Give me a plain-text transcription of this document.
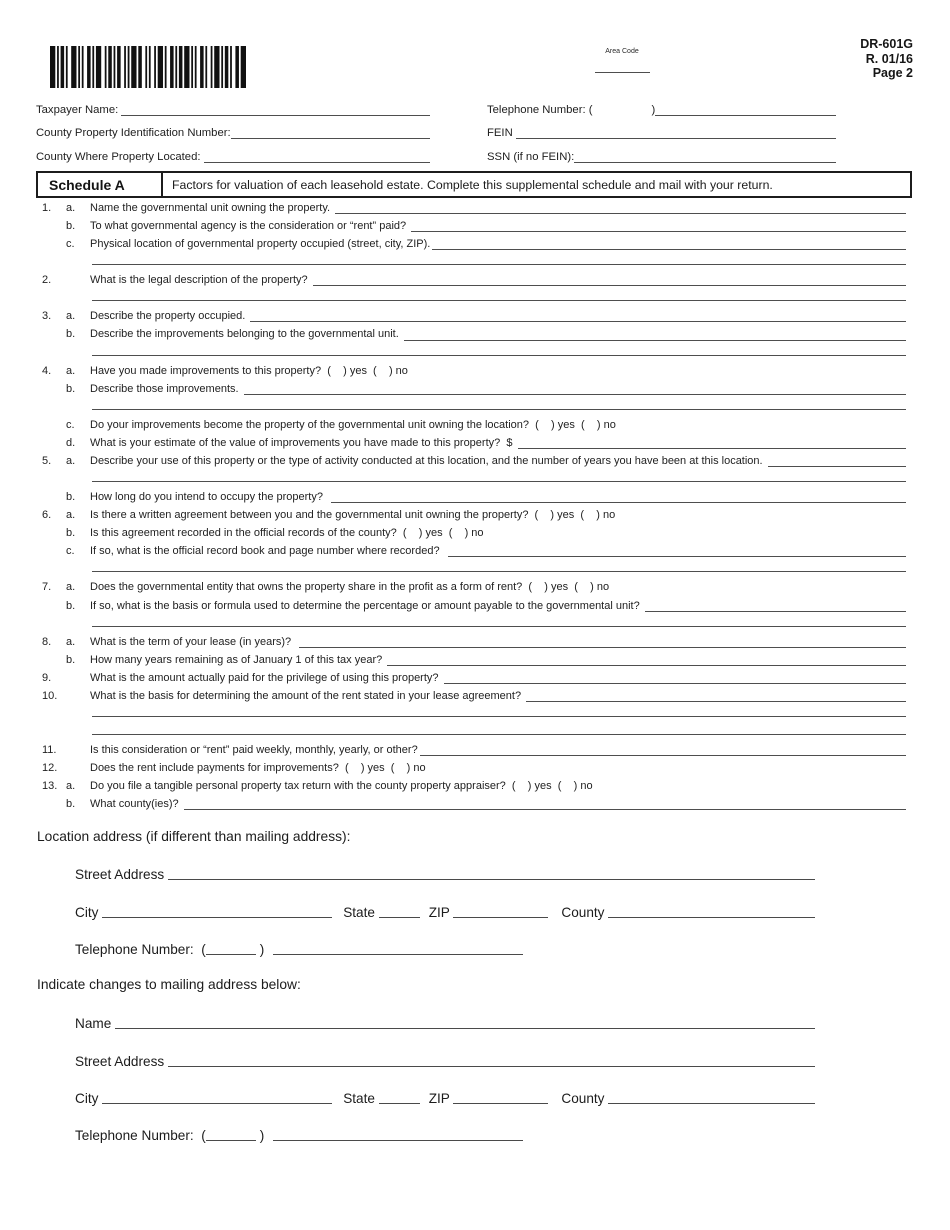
DR-601G
R. 01/16
Page 2
Taxpayer Name:
County Property Identification Number:
County Where Property Located:
Telephone Number: (

Area Code

)
FEIN
SSN (if no FEIN):
Schedule A	Factors for valuation of each leasehold estate. Complete this supplemental schedule and mail with your return.
1.	a.	Name the governmental unit owning the property.
b.	To what governmental agency is the consideration or “rent” paid?
c.	Physical location of governmental property occupied (street, city, ZIP).
2.	What is the legal description of the property?
3.	a.	Describe the property occupied.
b.	Describe the improvements belonging to the governmental unit.
4.	a.	Have you made improvements to this property?  (    ) yes  (    ) no
b.	Describe those improvements.
c.	Do your improvements become the property of the governmental unit owning the location?  (    ) yes  (    ) no
d.	What is your estimate of the value of improvements you have made to this property?  $
5.	a.	Describe your use of this property or the type of activity conducted at this location, and the number of years you have been at this location.
b.	How long do you intend to occupy the property?
6.	a.	Is there a written agreement between you and the governmental unit owning the property?  (    ) yes  (    ) no
b.	Is this agreement recorded in the official records of the county?  (    ) yes  (    ) no
c.	If so, what is the official record book and page number where recorded?
7.	a.	Does the governmental entity that owns the property share in the profit as a form of rent?  (    ) yes  (    ) no
b.	If so, what is the basis or formula used to determine the percentage or amount payable to the governmental unit?
8.	a.	What is the term of your lease (in years)?
b.	How many years remaining as of January 1 of this tax year?
9.	What is the amount actually paid for the privilege of using this property?
10.	What is the basis for determining the amount of the rent stated in your lease agreement?
11.	Is this consideration or “rent” paid weekly, monthly, yearly, or other?
12.	Does the rent include payments for improvements?  (    ) yes  (    ) no
13. a.	Do you file a tangible personal property tax return with the county property appraiser?  (    ) yes  (    ) no
b.	What county(ies)?
Location address (if different than mailing address):
Street Address
City	State	ZIP	County
Telephone Number: (	)
Indicate changes to mailing address below:
Name
Street Address
City	State	ZIP	County
Telephone Number: (	)
